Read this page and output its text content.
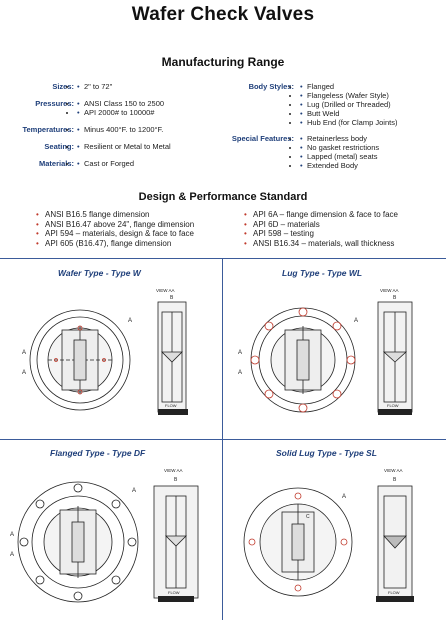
Wafer Check Valves
Manufacturing Range
Sizes:	• • 2" to 72"
Pressures:	• • ANSI Class 150 to 2500
• • API 2000# to 10000#
Temperatures:	• • Minus 400°F. to 1200°F.
Seating:	• • Resilient or Metal to Metal
Materials:	• • Cast or Forged
Body Styles:	• • Flanged
• • Flangeless (Wafer Style)
• • Lug (Drilled or Threaded)
• • Butt Weld
• • Hub End (for Clamp Joints)
Special Features:	• • Retainerless body
• • No gasket restrictions
• • Lapped (metal) seats
• • Extended Body
Design & Performance Standard
• ANSI B16.5 flange dimension
• ANSI B16.47 above 24", flange dimension
• API 594 – materials, design & face to face
• API 605 (B16.47), flange dimension
• API 6A – flange dimension & face to face
• API 6D – materials
• API 598 – testing
• ANSI B16.34 – materials, wall thickness
Wafer Type - Type W	Lug Type - Type WL
Flanged Type - Type DF	Solid Lug Type - Type SL
A
A
A
VIEW AA
B
FLOW
A
A
A
VIEW AA
B
FLOW
A
A
A
VIEW AA
B
FLOW
A
C
VIEW AA
B
FLOW
